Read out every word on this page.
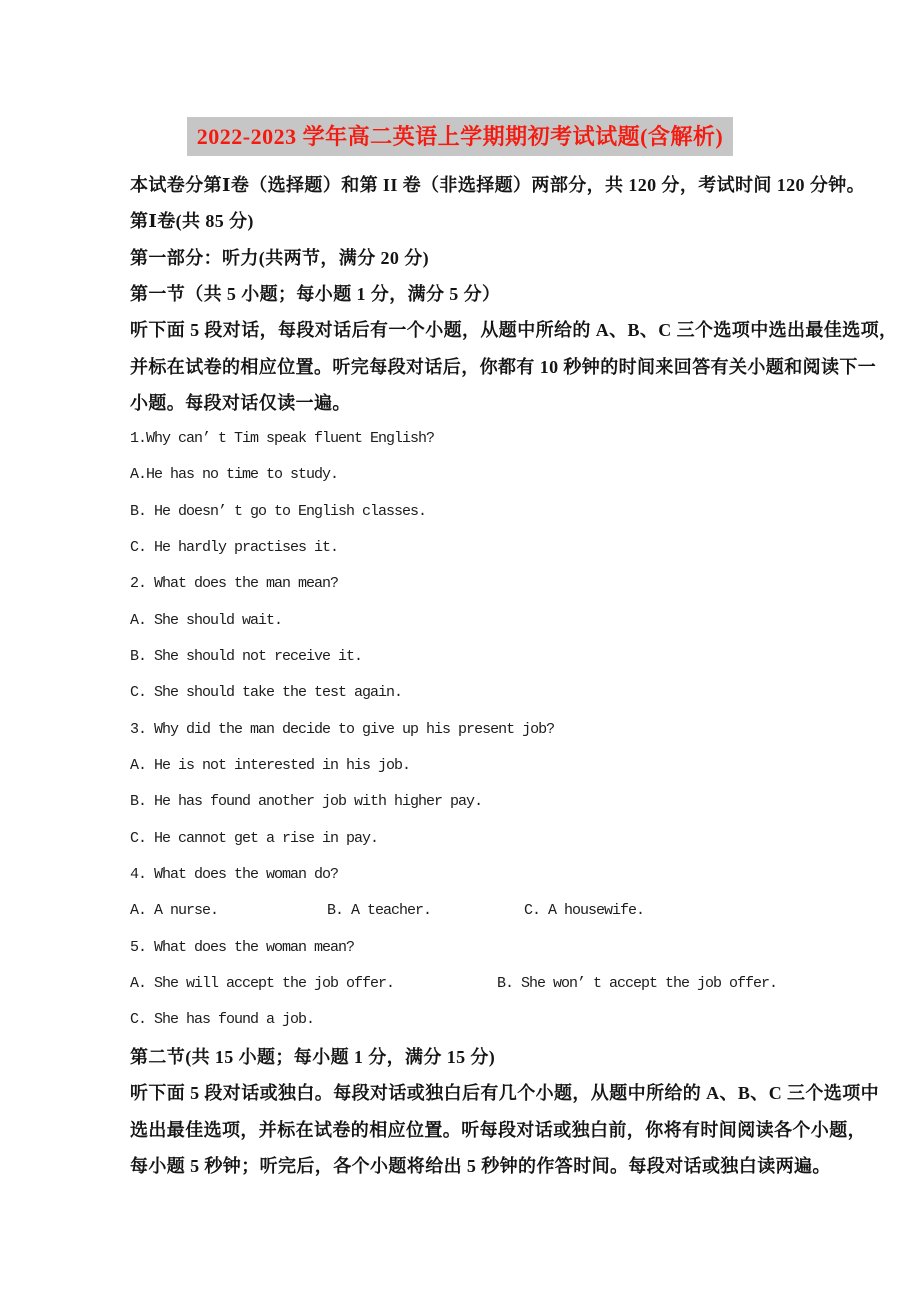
2022-2023 学年高二英语上学期期初考试试题(含解析)
本试卷分第Ⅰ卷（选择题）和第 II 卷（非选择题）两部分，共 120 分，考试时间 120 分钟。
第Ⅰ卷(共 85 分)
第一部分：听力(共两节，满分 20 分)
第一节（共 5 小题；每小题 1 分，满分 5 分）
听下面 5 段对话，每段对话后有一个小题，从题中所给的 A、B、C 三个选项中选出最佳选项，
并标在试卷的相应位置。听完每段对话后，你都有 10 秒钟的时间来回答有关小题和阅读下一
小题。每段对话仅读一遍。
1.Why can’ t Tim speak fluent English?
A.He has no time to study.
B. He doesn’ t go to English classes.
C. He hardly practises it.
2. What does the man mean?
A. She should wait.
B. She should not receive it.
C. She should take the test again.
3. Why did the man decide to give up his present job?
A. He is not interested in his job.
B. He has found another job with higher pay.
C. He cannot get a rise in pay.
4. What does the woman do?
A. A nurse.	B. A teacher.	C. A housewife.
5. What does the woman mean?
A. She will accept the job offer.	B. She won’ t accept the job offer.
C. She has found a job.
第二节(共 15 小题；每小题 1 分，满分 15 分)
听下面 5 段对话或独白。每段对话或独白后有几个小题，从题中所给的 A、B、C 三个选项中
选出最佳选项，并标在试卷的相应位置。听每段对话或独白前，你将有时间阅读各个小题，
每小题 5 秒钟；听完后，各个小题将给出 5 秒钟的作答时间。每段对话或独白读两遍。
